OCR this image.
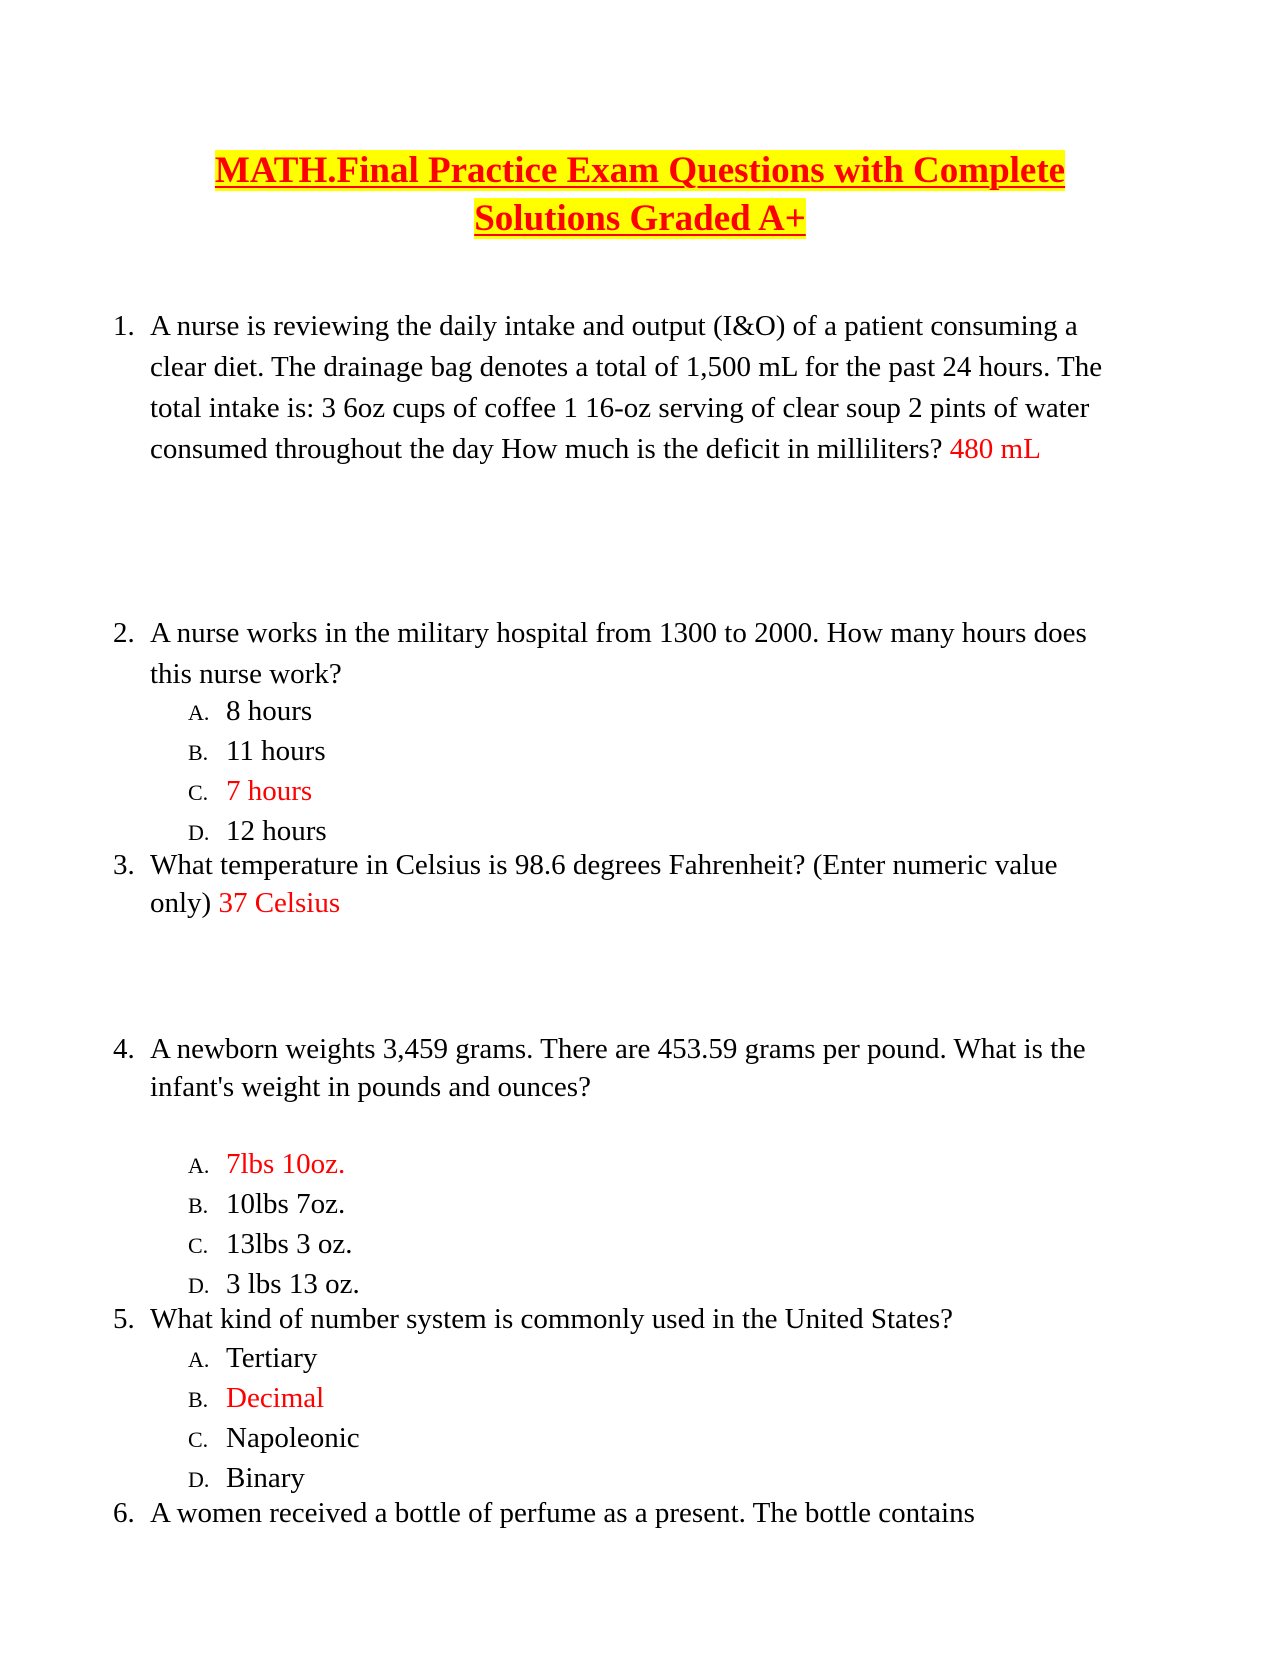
MATH.Final Practice Exam Questions with Complete
Solutions Graded A+
1. A nurse is reviewing the daily intake and output (I&O) of a patient consuming a clear diet. The drainage bag denotes a total of 1,500 mL for the past 24 hours. The total intake is: 3 6oz cups of coffee 1 16-oz serving of clear soup 2 pints of water consumed throughout the day How much is the deficit in milliliters? 480 mL
2. A nurse works in the military hospital from 1300 to 2000. How many hours does this nurse work?
A. 8 hours
B. 11 hours
C. 7 hours
D. 12 hours
3. What temperature in Celsius is 98.6 degrees Fahrenheit? (Enter numeric value only) 37 Celsius
4. A newborn weights 3,459 grams. There are 453.59 grams per pound. What is the infant's weight in pounds and ounces?
A. 7lbs 10oz.
B. 10lbs 7oz.
C. 13lbs 3 oz.
D. 3 lbs 13 oz.
5. What kind of number system is commonly used in the United States?
A. Tertiary
B. Decimal
C. Napoleonic
D. Binary
6. A women received a bottle of perfume as a present. The bottle contains
